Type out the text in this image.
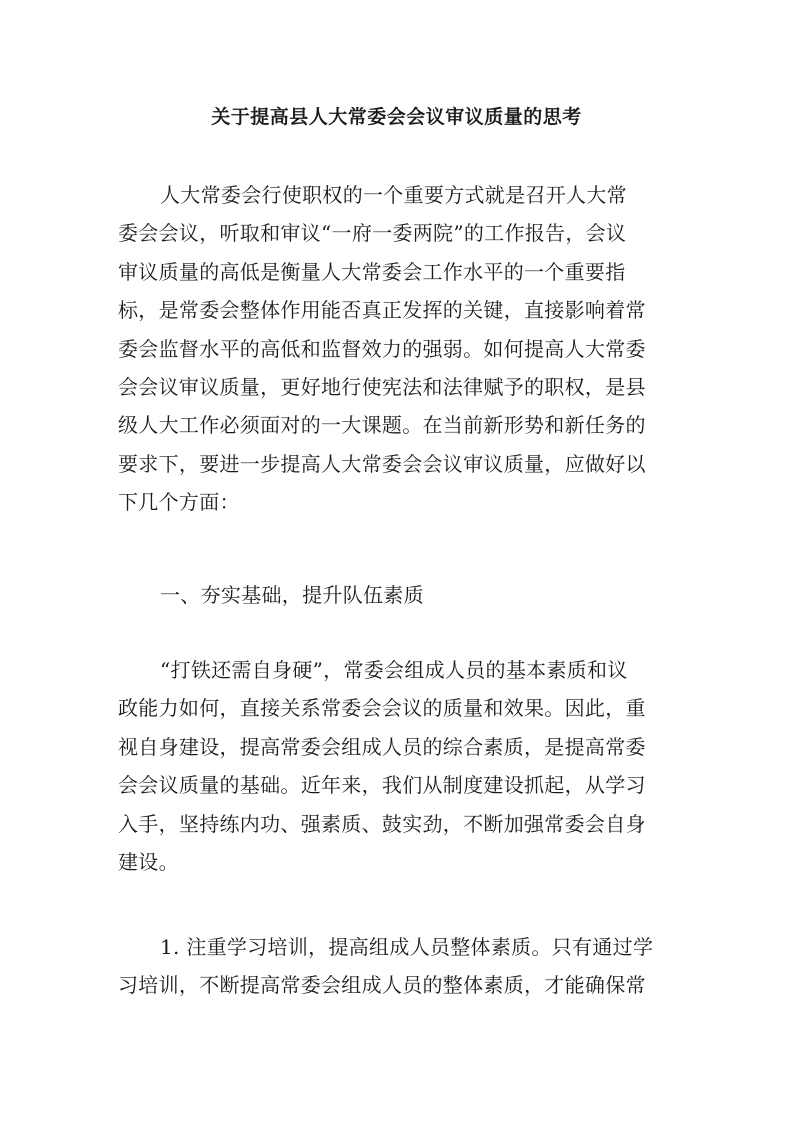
关于提高县人大常委会会议审议质量的思考

人大常委会行使职权的一个重要方式就是召开人大常
委会会议，听取和审议“一府一委两院”的工作报告，会议
审议质量的高低是衡量人大常委会工作水平的一个重要指
标，是常委会整体作用能否真正发挥的关键，直接影响着常
委会监督水平的高低和监督效力的强弱。如何提高人大常委
会会议审议质量，更好地行使宪法和法律赋予的职权，是县
级人大工作必须面对的一大课题。在当前新形势和新任务的
要求下，要进一步提高人大常委会会议审议质量，应做好以
下几个方面：

一、夯实基础，提升队伍素质

“打铁还需自身硬”，常委会组成人员的基本素质和议
政能力如何，直接关系常委会会议的质量和效果。因此，重
视自身建设，提高常委会组成人员的综合素质，是提高常委
会会议质量的基础。近年来，我们从制度建设抓起，从学习
入手，坚持练内功、强素质、鼓实劲，不断加强常委会自身
建设。

1. 注重学习培训，提高组成人员整体素质。只有通过学
习培训，不断提高常委会组成人员的整体素质，才能确保常
